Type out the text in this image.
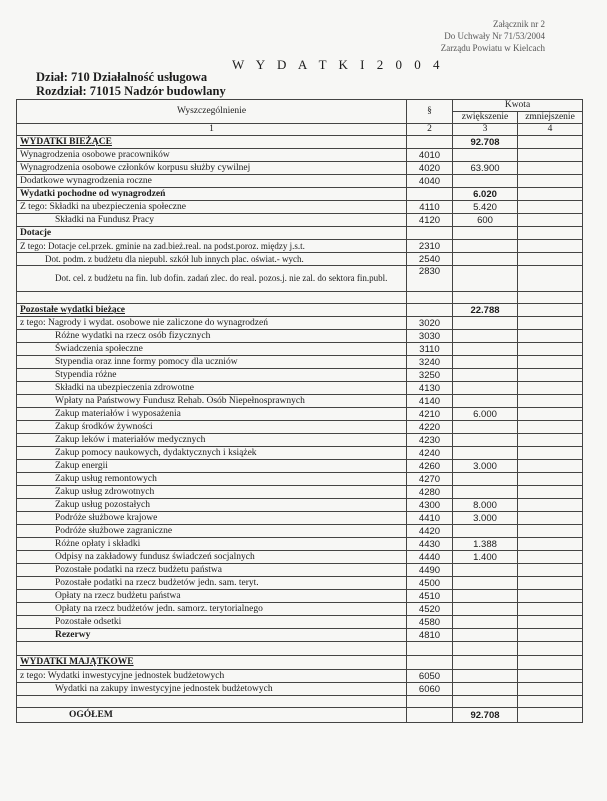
Załącznik nr 2
Do Uchwały Nr 71/53/2004
Zarządu Powiatu w Kielcach
W Y D A T K I 2 0 0 4
Dział: 710 Działalność usługowa
Rozdział: 71015 Nadzór budowlany
Wyszczególnienie	§	Kwota	
		zwiększenie	zmniejszenie
1	2	3	4
WYDATKI BIEŻĄCE		92.708	
Wynagrodzenia osobowe pracowników	4010		
Wynagrodzenia osobowe członków korpusu służby cywilnej	4020	63.900	
Dodatkowe wynagrodzenia roczne	4040		
Wydatki pochodne od wynagrodzeń		6.020	
Z tego: Składki na ubezpieczenia społeczne	4110	5.420	
Składki na Fundusz Pracy	4120	600	
Dotacje			
Z tego: Dotacje cel.przek. gminie na zad.bież.real. na podst.poroz. między j.s.t.	2310		
Dot. podm. z budżetu dla niepubl. szkół lub innych plac. oświat.- wych.	2540		
Dot. cel. z budżetu na fin. lub dofin. zadań zlec. do real. pozos.j. nie zal. do sektora fin.publ.	2830		

Pozostałe wydatki bieżące		22.788	
z tego: Nagrody i wydat. osobowe nie zaliczone do wynagrodzeń	3020		
Różne wydatki na rzecz osób fizycznych	3030		
Świadczenia społeczne	3110		
Stypendia oraz inne formy pomocy dla uczniów	3240		
Stypendia różne	3250		
Składki na ubezpieczenia zdrowotne	4130		
Wpłaty na Państwowy Fundusz Rehab. Osób Niepełnosprawnych	4140		
Zakup materiałów i wyposażenia	4210	6.000	
Zakup środków żywności	4220		
Zakup leków i materiałów medycznych	4230		
Zakup pomocy naukowych, dydaktycznych i książek	4240		
Zakup energii	4260	3.000	
Zakup usług remontowych	4270		
Zakup usług zdrowotnych	4280		
Zakup usług pozostałych	4300	8.000	
Podróże służbowe krajowe	4410	3.000	
Podróże służbowe zagraniczne	4420		
Różne opłaty i składki	4430	1.388	
Odpisy na zakładowy fundusz świadczeń socjalnych	4440	1.400	
Pozostałe podatki na rzecz budżetu państwa	4490		
Pozostałe podatki na rzecz budżetów jedn. sam. teryt.	4500		
Opłaty na rzecz budżetu państwa	4510		
Opłaty na rzecz budżetów jedn. samorz. terytorialnego	4520		
Pozostałe odsetki	4580		
Rezerwy	4810		

WYDATKI MAJĄTKOWE			
z tego: Wydatki inwestycyjne jednostek budżetowych	6050		
Wydatki na zakupy inwestycyjne jednostek budżetowych	6060		

OGÓŁEM		92.708	
